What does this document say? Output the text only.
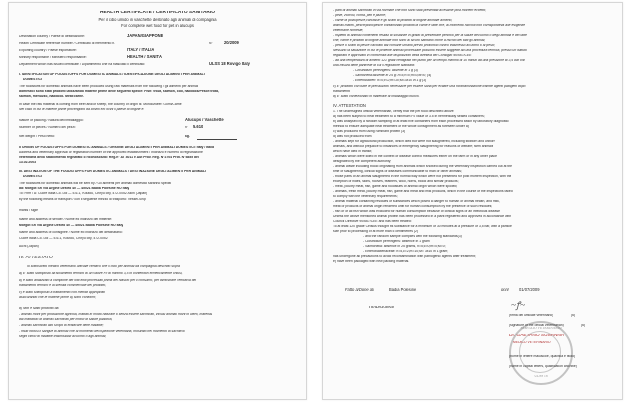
HEALTH CERTIFICATE / CERTIFICATO SANITARIO
Per il cibo umido in vaschette destinato agli animali di compagnia
For complete wet food for pet in alucups
Destination country / Paese di destinazione:	JAPAN/GIAPPONE
Health Certificate reference number / Certificato di riferimento n.	N°	20/2009
Exporting country / Paese esportatore:	ITALY / ITALIA
Ministry responsible / Ministero responsabile:	HEALTH / SANITÀ
Department which has issued certificate / Dipartimento che ha rilasciato il certificato:	ULSS 18 Rovigo Italy
I. IDENTIFICATION OF FOODSTUFFS FOR DOMESTIC ANIMALS / IDENTIFICAZIONE DEGLI ALIMENTI PER ANIMALI
DOMESTICI
The foodstuffs for domestic animals have been produced using raw materials from the following / gli alimenti per animali
domestici sono stati prodotti utilizzando materie prime delle seguenti specie: Fish: trout, salmon, cod, haddock/Pesce:trota,
salmon, merluzzo, haddock. Meat:carne.
In case the raw material is coming from beef and/or sheep, the country of origin is: Mondo/Beef: Gomi/Carne
Nel caso in cui le materie prime provengono da bovini e/o ovini il paese di origine è:
Nature of packing / Natura dell'imballaggio:	Alucups / Vaschette
Number of pieces / Numero dei pezzi:	n° 5.610
Net weight / Peso netto:	kg.
II ORIGIN OF FOODSTUFFS FOR DOMESTIC ANIMALS / ORIGINE DEGLI ALIMENTI PER ANIMALI DOMESTICI: Italy / Italia
Address and veterinary approval or registration number of the approved establishment / Indirizzo e numero di registrazione
veterinaria dello stabilimento registrato o riconosciuto: Reg.n° AT 4011 e Aut Prov. Reg. N°2704 Prot. N°5855 del
13.02.2003
III. DESTINATION OF THE FOODSTUFFS FOR DOMESTIC ANIMALS / DESTINAZIONE DEGLI ALIMENTI PER ANIMALI
DOMESTICI
The foodstuffs for domestic animals will be sent by / Gli alimenti per animali domestici saranno spediti
da: Morgot Sri Via Argine Destro 40 — 45021 Badia Polesine RO Italy
To: Firm / A: Cuore Italia Co. Ltd — 5-6-1, Koutou, Chiryu city, 472-0052 Aichi (Japan)
by the following means of transport / con il seguente mezzo di trasporto: Vessel-Ship
marks / sigle
Name and address of sender / Nome ed indirizzo del mittente:
Morgot Srl Via Argine Destro 40 — 45021 Badia Polesine RO Italy
Name and address of consignee / Nome ed indirizzo del destinatario:
Cuore Italia Co. Ltd — 5-6-1, Koutou, Chiryu city, 472-0052
Aichi (Japan)
IV. ATTESTATO
Io sottoscritto medico veterinario ufficiale certifico che il cibo per animali da compagnia descritto sopra
a) E' stato sottoposto all'isolamento termico di un valore Fc di minimo 3,5 in contenitori ermeticamente chiusi,
b) è stato analizzato a campione dei lotti finiti processati prima del rilascio per il consumo, per dimostrare l'efficacia del
trattamento termico e la sterilità commerciale del prodotto,
c) è stato sottoposto a trattamento con metodi appropriati
assicurando che le materie prime a) sono conformi;
d) Non è stato prodotto da:
- animali morti per produzione agricola, mattati in modo naturale o senza essere sacrificati, inclusi animali morti in utero, materiali
dal mattatoio di animali sacrificati per motivi di salute pubblica;
- animali sacrificati allo scopo di eradicare delle malattie;
- rifiuti inclusi il sangue di animali che al momento dell'ispezione veterinaria, mostrato nel momento di sacrificio
segni clinici di malattie trasmissibili all'uomo o agli animali;
- parti di animali sacrificati in via normale che non sono stati presentati all'esame post mortem eccetto;
- pelle, zoccoli, corna, peli e piume;
- carne di pollo/pesce,carcasse e gli scarti di prodotti di origine animale almeno;
animali marini, pesce/pollo/pesce contaminato prodotti di carne e latte che, al momento raccolti non corrispondeva alle esigenze
veterinarie richieste;
- rispetto di animali contenenti residui di sostanze in grado di presentare pericolo per la salute dell'uomo o degli animali e del latte
che, carne e prodotti di origine animale non sono al sicuro sanitario come a rischio del tutti gli animali;
- pesce o scarti di pesce cacciato dal comune umano previo protocollo clinico trasmesso all'uomo o ai pesci;
Nessuno la situazione in cui le proteine animali processate possono essere soggette ad una procedura termica, presso un istituto
registrato e approvato in conformità alle disposizioni della direttiva del Consiglio 90/667/CEE
- ad una temperatura di almeno 121 gradi centigradi nel punto per un tempo minimo di 10 minuti ad una pressione di 3,5 bar con
una misura delle particelle di cui il regolatore standard:
- Clostridium perfringens: assente in 1 g (3)
- Salmonella:assente in 25 g: n=5;c=0;m=0;M=0; (4)
- Enterobacteri: n=5;c=2;m=10;M=3x10 in 1 g (3)
c) E' prodotto con tutte le precauzioni necessarie per essere sana per evitare una ricontaminazione tramite agenti patogeni dopo
trattamento
d) E' stato confezionato in materiale di imballaggio nuovo.
IV. ATTESTATION
1. The undersigned official veterinarian, certify that the pet food described above:
a) has been subject to heat treatment to a minimum Fc value of 3.5 in hermetically sealed containers;
b) was analysed by a random sampling of at least five containers from each processed batch by laboratory diagnostic
method to ensure adequate heat treatment of the whole consignment as foreseen under a)
c) was produced from using ruminant protein (3)
d) was not produced from:
- animals kept for agricultural production, which died but were not slaughtered, including stillborn and unborn
animals, and without prejudice to instances of emergency slaughtering for reasons of welfare; farm animals
which have died in transit;
- animals which were killed in the context of disease control measures either on the farm or in any other place
designated by the competent authority;
- animal waste including blood originating from animals which showed during the veterinary inspection carried out at the
time of slaughtering, clinical signs of diseases communicable to man or other animals;
- those parts of an animal slaughtered in the normal way which were not presented for post mortem inspection, with the
exception of hides, skins, hooves, feathers, wool, horns, blood and similar products;
- meat, poultry meat, fish, game and foodstuffs of animal origin which were spoiled;
- animals, fresh meat, poultry meat, fish, game and meat and milk products, which in the course of the inspections failed
to comply with the veterinary requirements;
- animal material containing residues of substances which posed a danger to human or animal health, and milk,
meat or products of animal origin rendered unfit for human consumption by the presence of such residues;
- fish or of all fish which was excluded for human consumption because of clinical signs of an infectious disease
Unless the above mentioned animal protein has been processed in a plant registered and approved in accordance with
Council Directive 90/667/CEE and has been treated:
To at least 120 grade Celsius thought its substance for a minimum of 30 minutes at a pressure of 3,5 bar, with a particle
size prior to processing of at more than 5 centimetres (2)
- and the random sample complies with the following standards(3)
- Clostridium perfringens: absence in 1 gram
- Salmonella: absence in 25 grams, n=5;c=0;m=0;M=0;
- Enterobacteriaceae: n=5,c=2,m=10;M= 3x10 in 1 gram;
has undergone all precautions to avoid recontamination with pathogenic agents after treatment;
e) have been packaged with new packing material.
Fatto a/Done at/	Badia Polesine	on/il	01/07/2009
Timbro/Seal	~ꝭ~
SERVIZIO VETERINARIO
ULSS 18
(firma del ufficiale veterinario)	(6)
(signature of the official veterinarian)	(6)
Dr. GAETANO SUSANNA
MEDICO VETERINARIO
(nome in lettere maiuscole, qualifica e titolo)
(name in capital letters, qualification and title)
